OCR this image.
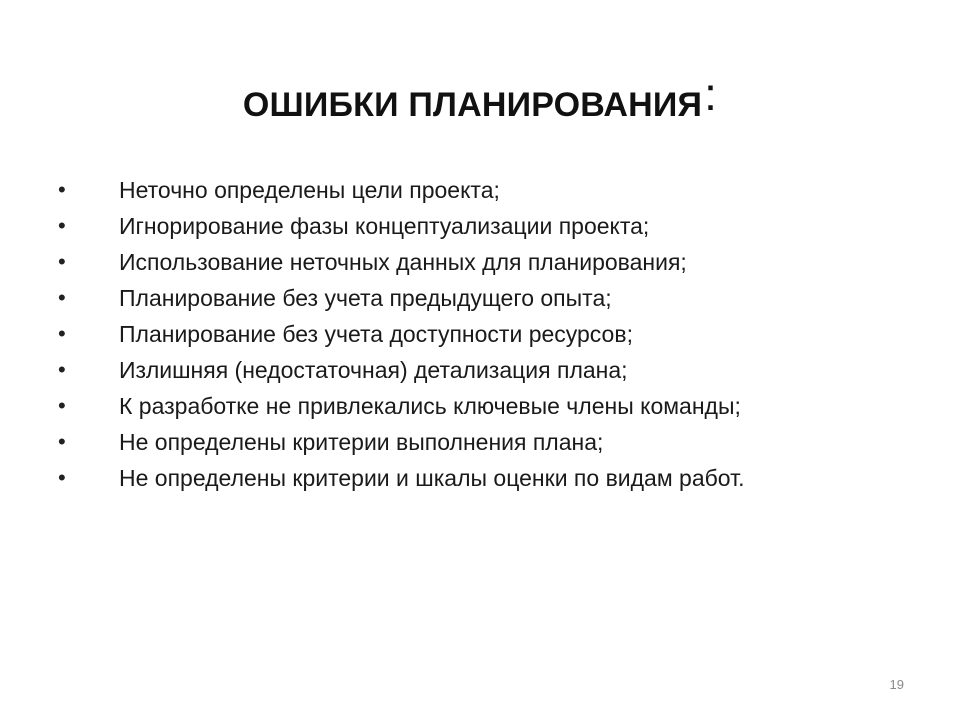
ОШИБКИ ПЛАНИРОВАНИЯ:
• Неточно определены цели проекта;
• Игнорирование фазы концептуализации проекта;
• Использование неточных данных для планирования;
• Планирование без учета предыдущего опыта;
• Планирование без учета доступности ресурсов;
• Излишняя (недостаточная) детализация плана;
• К разработке не привлекались ключевые члены команды;
• Не определены критерии выполнения плана;
• Не определены критерии и шкалы оценки по видам работ.
19
